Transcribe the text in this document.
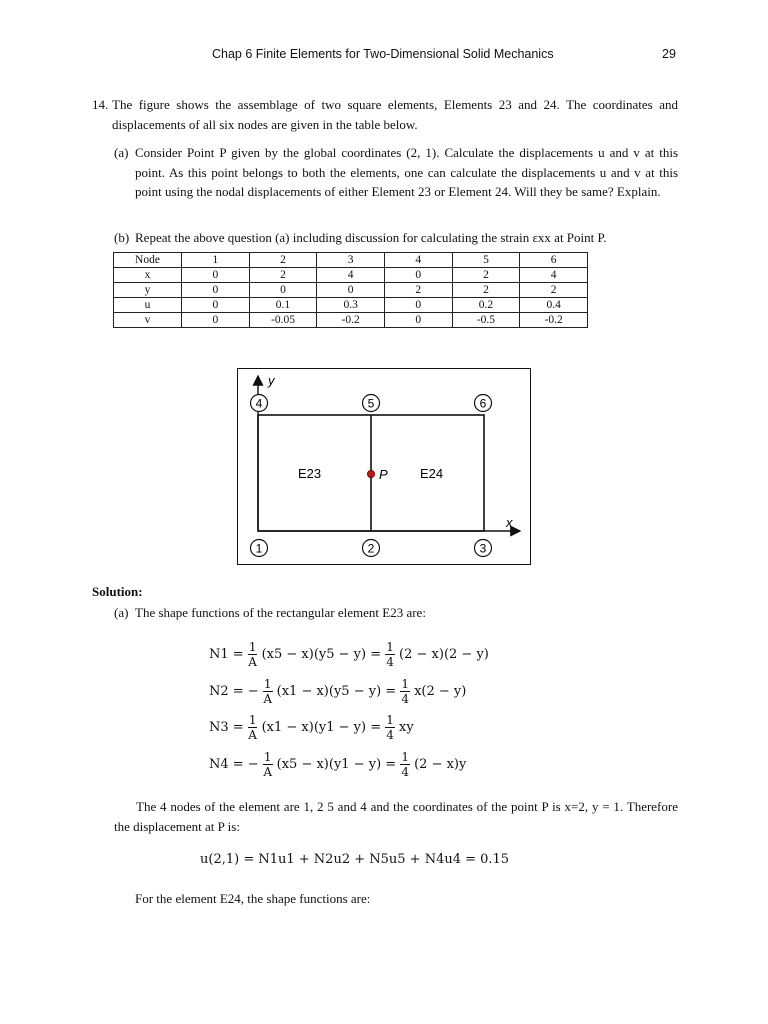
Chap 6 Finite Elements for Two-Dimensional Solid Mechanics	29
14. The figure shows the assemblage of two square elements, Elements 23 and 24. The coordinates and displacements of all six nodes are given in the table below.
(a) Consider Point P given by the global coordinates (2, 1). Calculate the displacements u and v at this point. As this point belongs to both the elements, one can calculate the displacements u and v at this point using the nodal displacements of either Element 23 or Element 24. Will they be same? Explain.
(b) Repeat the above question (a) including discussion for calculating the strain εxx at Point P.
Node	1	2	3	4	5	6
x	0	2	4	0	2	4
y	0	0	0	2	2	2
u	0	0.1	0.3	0	0.2	0.4
v	0	-0.05	-0.2	0	-0.5	-0.2
y
x
E23	E24
P
4	5	6
1	2	3
Solution:
(a) The shape functions of the rectangular element E23 are:
$N1 = \frac{1}{A} (x5 - x)(y5 - y) = \frac{1}{4} (2 - x)(2 - y)$
N2 = − $\frac{1}{A} (x1 - x)(y5 - y) = \frac{1}{4} x(2 - y)$
$N3 = \frac{1}{A} (x1 - x)(y1 - y) = \frac{1}{4}$ xy
N4 = − $\frac{1}{A} (x5 - x)(y1 - y) = \frac{1}{4} (2 - x)y$
The 4 nodes of the element are 1, 2 5 and 4 and the coordinates of the point P is x=2, y = 1. Therefore the displacement at P is:
u(2,1) = N1u1 + N2u2 + N5u5 + N4u4 = 0.15
For the element E24, the shape functions are:
